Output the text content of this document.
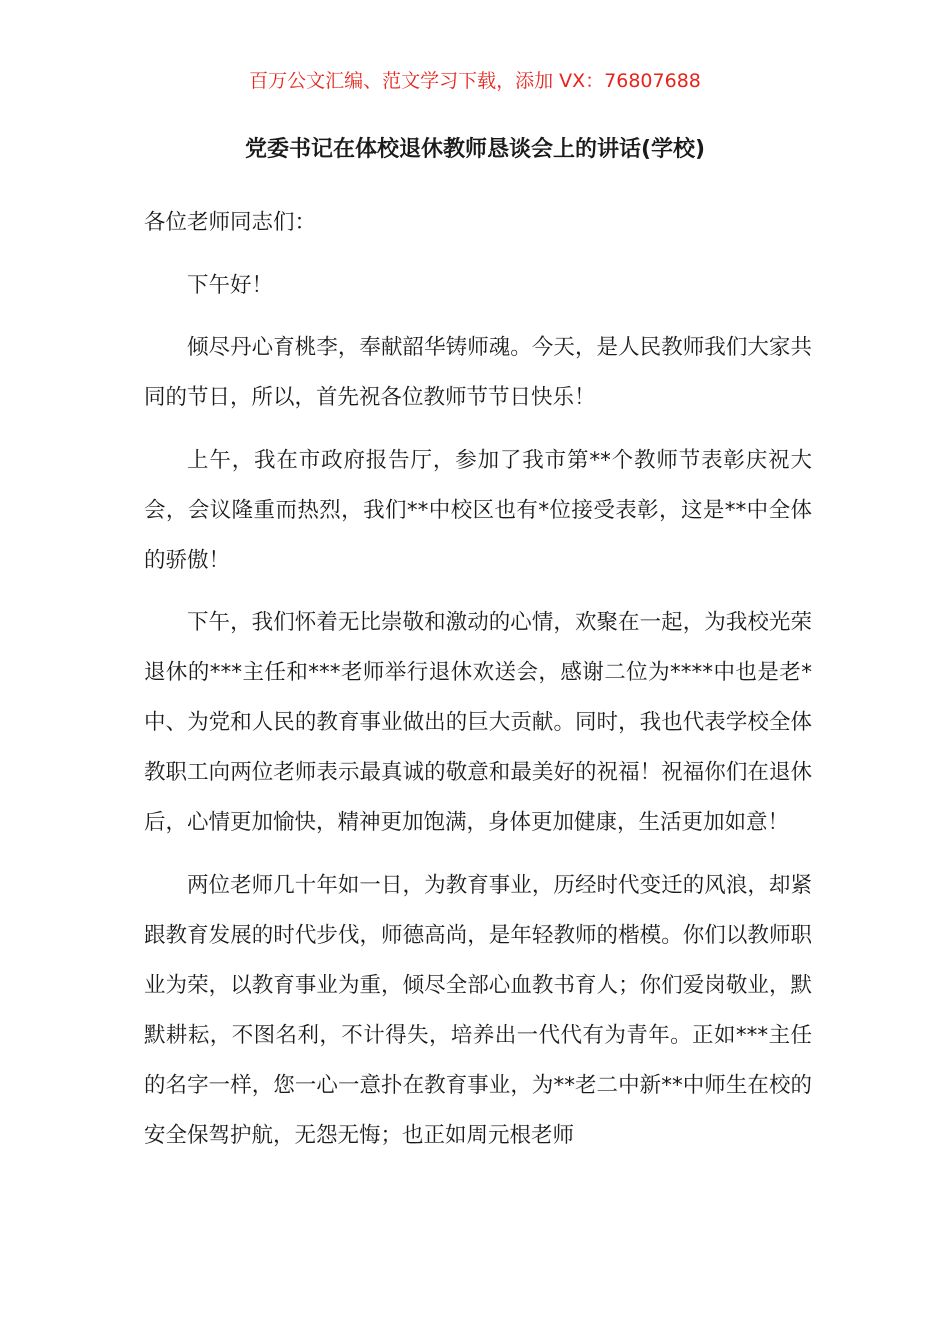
百万公文汇编、范文学习下载，添加 VX：76807688
党委书记在体校退休教师恳谈会上的讲话(学校)

各位老师同志们：

下午好！

倾尽丹心育桃李，奉献韶华铸师魂。今天，是人民教师我们大家共同的节日，所以，首先祝各位教师节节日快乐！

上午，我在市政府报告厅，参加了我市第**个教师节表彰庆祝大会，会议隆重而热烈，我们**中校区也有*位接受表彰，这是**中全体的骄傲！

下午，我们怀着无比崇敬和激动的心情，欢聚在一起，为我校光荣退休的***主任和***老师举行退休欢送会，感谢二位为****中也是老*中、为党和人民的教育事业做出的巨大贡献。同时，我也代表学校全体教职工向两位老师表示最真诚的敬意和最美好的祝福！祝福你们在退休后，心情更加愉快，精神更加饱满，身体更加健康，生活更加如意！

两位老师几十年如一日，为教育事业，历经时代变迁的风浪，却紧跟教育发展的时代步伐，师德高尚，是年轻教师的楷模。你们以教师职业为荣，以教育事业为重，倾尽全部心血教书育人；你们爱岗敬业，默默耕耘，不图名利，不计得失，培养出一代代有为青年。正如***主任的名字一样，您一心一意扑在教育事业，为**老二中新**中师生在校的安全保驾护航，无怨无悔；也正如周元根老师
